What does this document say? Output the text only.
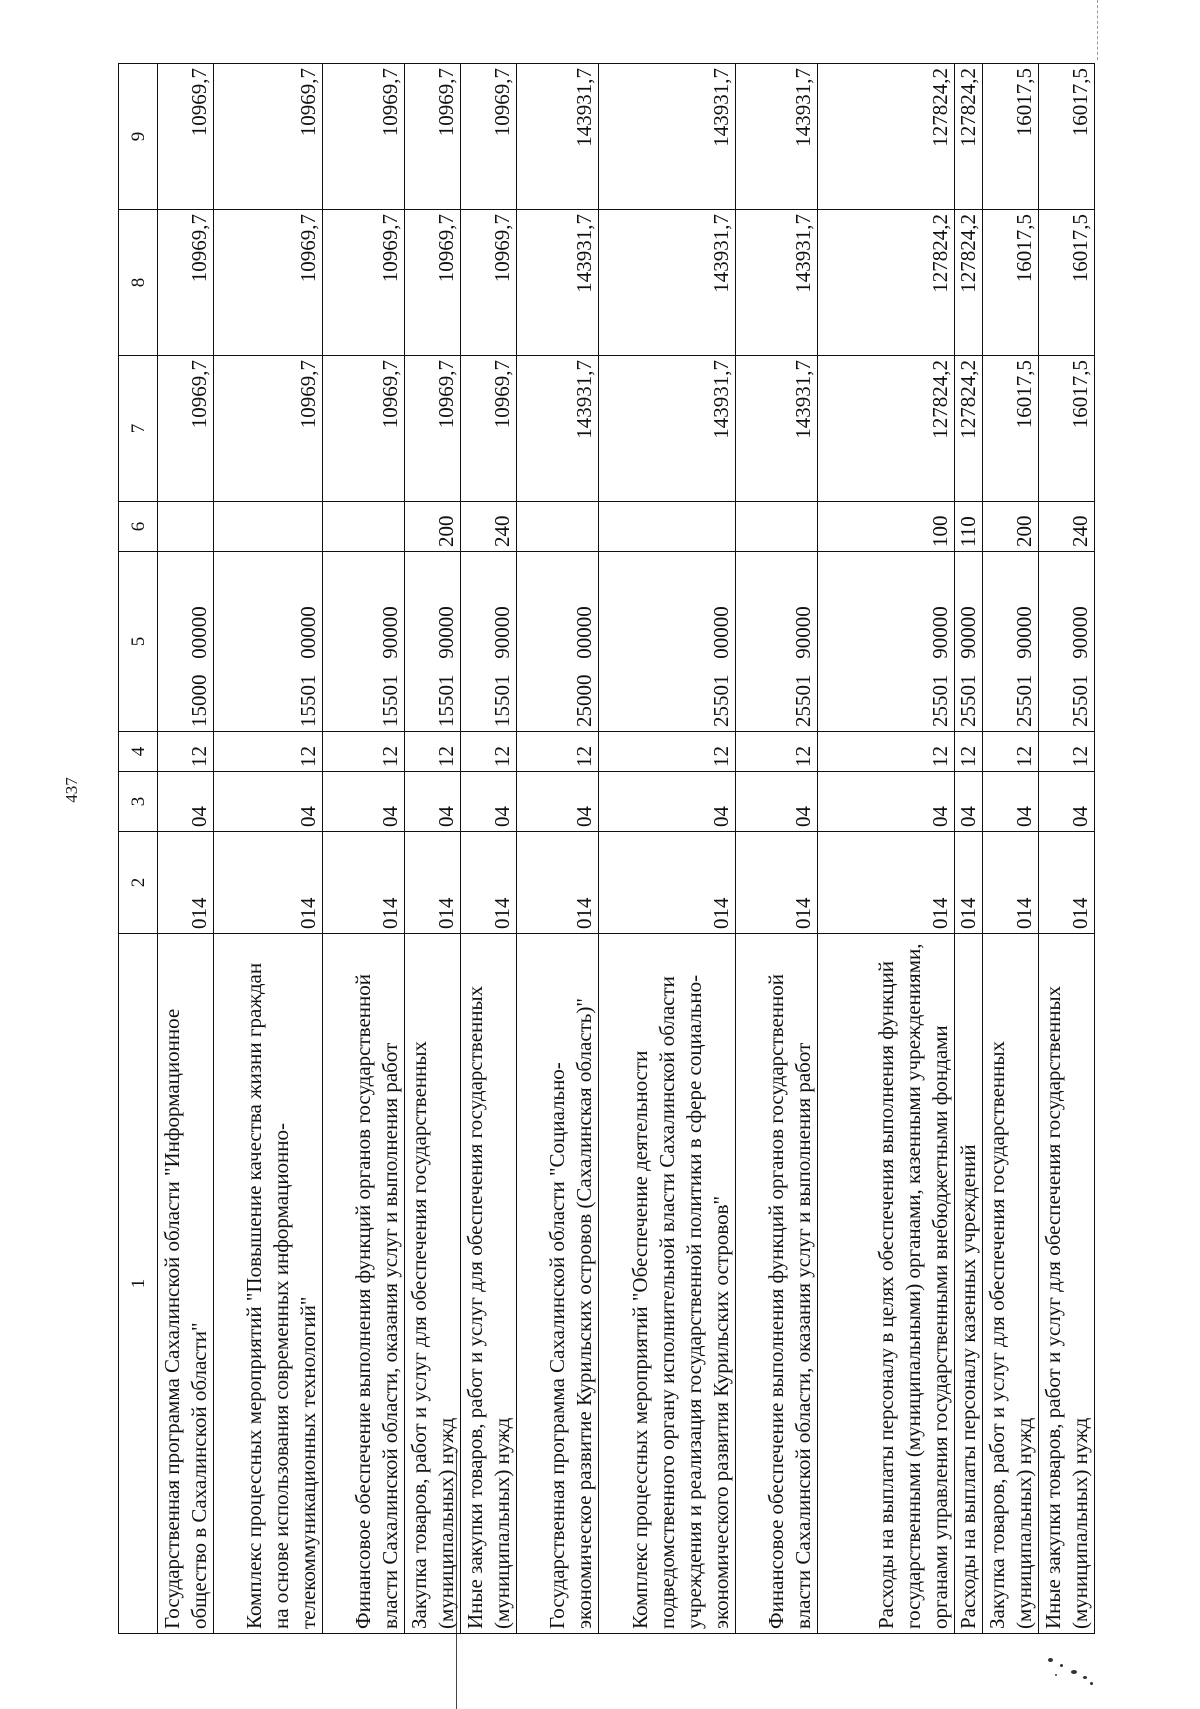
437
1	2	3	4	5	6	7	8	9
Государственная программа Сахалинской области "Информационное общество в Сахалинской области"	014	04	12	15000   00000		10969,7	10969,7	10969,7
Комплекс процессных мероприятий "Повышение качества жизни граждан на основе использования современных информационно-телекоммуникационных технологий"	014	04	12	15501   00000		10969,7	10969,7	10969,7
Финансовое обеспечение выполнения функций органов государственной власти Сахалинской области, оказания услуг и выполнения работ	014	04	12	15501   90000		10969,7	10969,7	10969,7
Закупка товаров, работ и услуг для обеспечения государственных (муниципальных) нужд	014	04	12	15501   90000	200	10969,7	10969,7	10969,7
Иные закупки товаров, работ и услуг для обеспечения государственных (муниципальных) нужд	014	04	12	15501   90000	240	10969,7	10969,7	10969,7
Государственная программа Сахалинской области "Социально-экономическое развитие Курильских островов (Сахалинская область)"	014	04	12	25000   00000		143931,7	143931,7	143931,7
Комплекс процессных мероприятий "Обеспечение деятельности подведомственного органу исполнительной власти Сахалинской области учреждения и реализация государственной политики в сфере социально-экономического развития Курильских островов"	014	04	12	25501   00000		143931,7	143931,7	143931,7
Финансовое обеспечение выполнения функций органов государственной власти Сахалинской области, оказания услуг и выполнения работ	014	04	12	25501   90000		143931,7	143931,7	143931,7
Расходы на выплаты персоналу в целях обеспечения выполнения функций государственными (муниципальными) органами, казенными учреждениями, органами управления государственными внебюджетными фондами	014	04	12	25501   90000	100	127824,2	127824,2	127824,2
Расходы на выплаты персоналу казенных учреждений	014	04	12	25501   90000	110	127824,2	127824,2	127824,2
Закупка товаров, работ и услуг для обеспечения государственных (муниципальных) нужд	014	04	12	25501   90000	200	16017,5	16017,5	16017,5
Иные закупки товаров, работ и услуг для обеспечения государственных (муниципальных) нужд	014	04	12	25501   90000	240	16017,5	16017,5	16017,5
